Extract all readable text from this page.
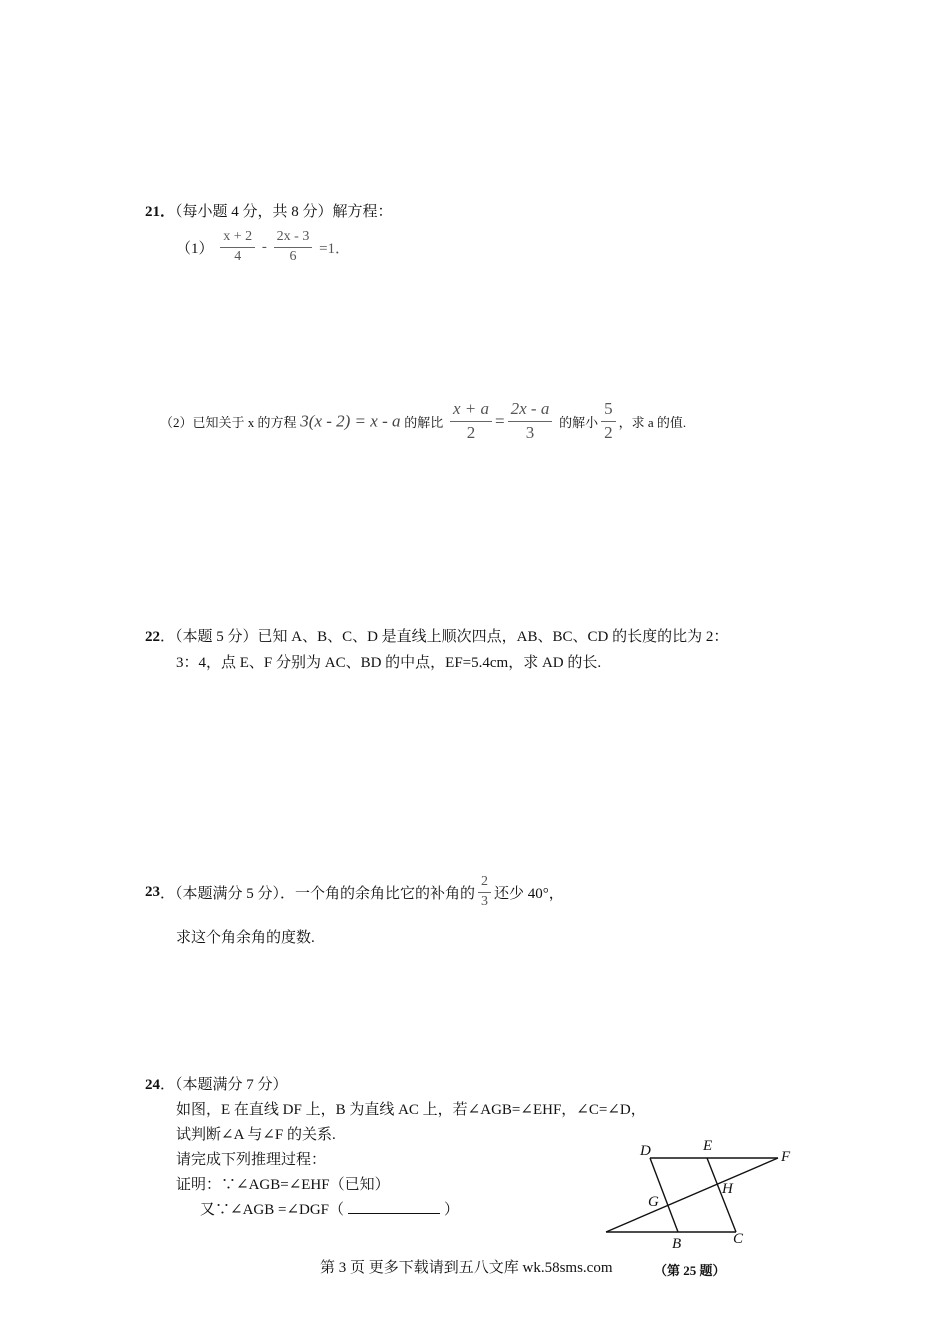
21．（每小题 4 分，共 8 分）解方程：
$(1) \frac{x + 2}{4} - \frac{2x - 3}{6} =1$．
（2）已知关于 x 的方程 3(x - 2) = x - a 的解比 $\frac{x + a}{2} = \frac{2x - a}{3}$ 的解小 $\frac{5}{2}$ ，求 a 的值.
22．（本题 5 分）已知 A、B、C、D 是直线上顺次四点，AB、BC、CD 的长度的比为 2：
3：4，点 E、F 分别为 AC、BD 的中点，EF=5.4cm，求 AD 的长.
23．（本题满分 5 分）．一个角的余角比它的补角的 $\frac{2}{3}$ 还少 40°，
求这个角余角的度数.
24．（本题满分 7 分）
如图，E 在直线 DF 上，B 为直线 AC 上，若∠AGB=∠EHF，∠C=∠D，
试判断∠A 与∠F 的关系.
请完成下列推理过程：
证明：∵∠AGB=∠EHF（已知）
又∵∠AGB =∠DGF（	）
D	E
F
G
H
B	C
第 3 页 更多下载请到五八文库 wk.58sms.com	（第 25 题）
